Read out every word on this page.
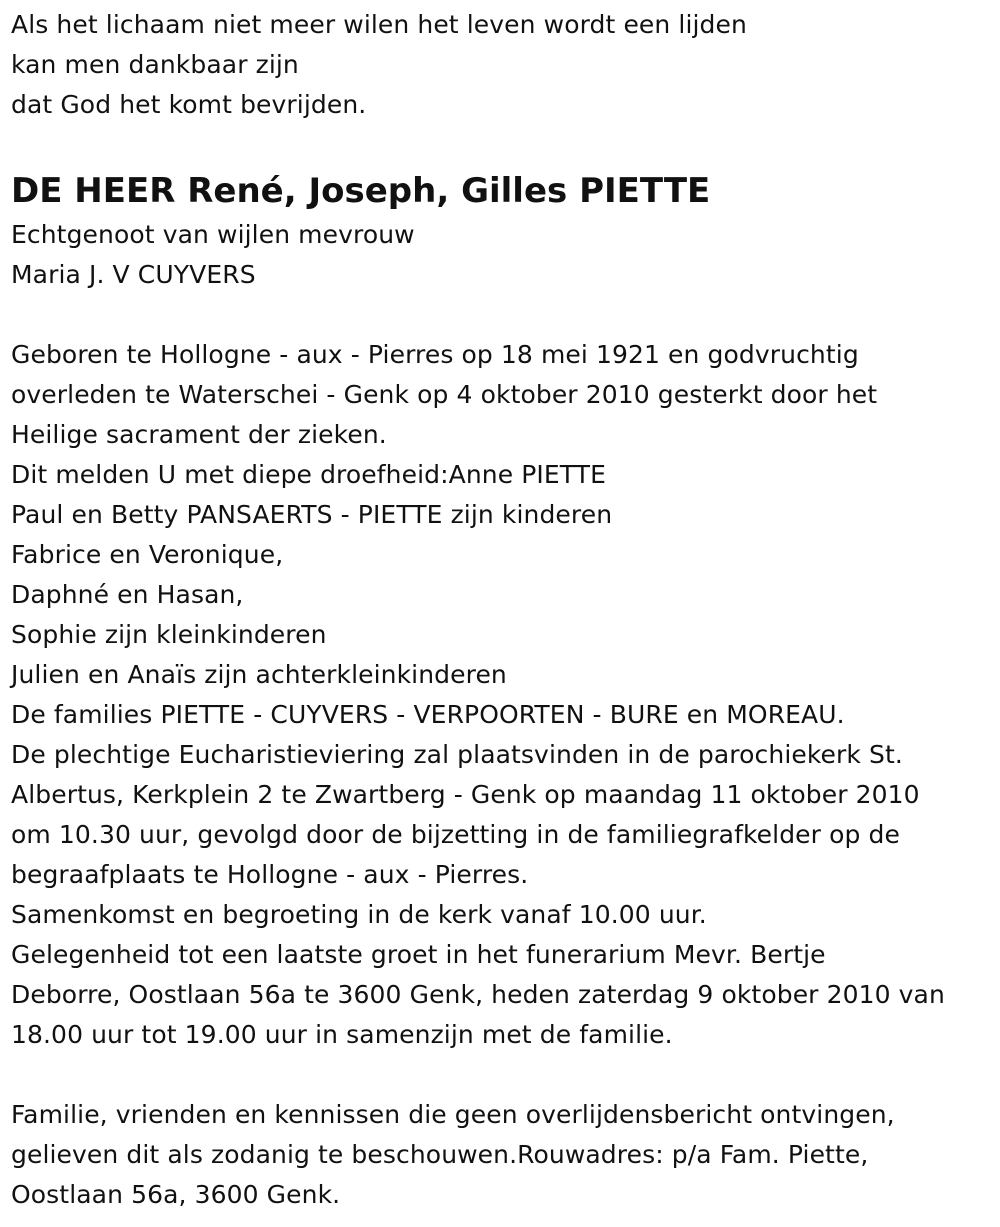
Als het lichaam niet meer wilen het leven wordt een lijden
kan men dankbaar zijn
dat God het komt bevrijden.
DE HEER René, Joseph, Gilles PIETTE
Echtgenoot van wijlen mevrouw
Maria J. V CUYVERS
Geboren te Hollogne - aux - Pierres op 18 mei 1921 en godvruchtig
overleden te Waterschei - Genk op 4 oktober 2010 gesterkt door het
Heilige sacrament der zieken.
Dit melden U met diepe droefheid:Anne PIETTE
Paul en Betty PANSAERTS - PIETTE zijn kinderen
Fabrice en Veronique,
Daphné en Hasan,
Sophie zijn kleinkinderen
Julien en Anaïs zijn achterkleinkinderen
De families PIETTE - CUYVERS - VERPOORTEN - BURE en MOREAU.
De plechtige Eucharistieviering zal plaatsvinden in de parochiekerk St.
Albertus, Kerkplein 2 te Zwartberg - Genk op maandag 11 oktober 2010
om 10.30 uur, gevolgd door de bijzetting in de familiegrafkelder op de
begraafplaats te Hollogne - aux - Pierres.
Samenkomst en begroeting in de kerk vanaf 10.00 uur.
Gelegenheid tot een laatste groet in het funerarium Mevr. Bertje
Deborre, Oostlaan 56a te 3600 Genk, heden zaterdag 9 oktober 2010 van
18.00 uur tot 19.00 uur in samenzijn met de familie.
Familie, vrienden en kennissen die geen overlijdensbericht ontvingen,
gelieven dit als zodanig te beschouwen.Rouwadres: p/a Fam. Piette,
Oostlaan 56a, 3600 Genk.
